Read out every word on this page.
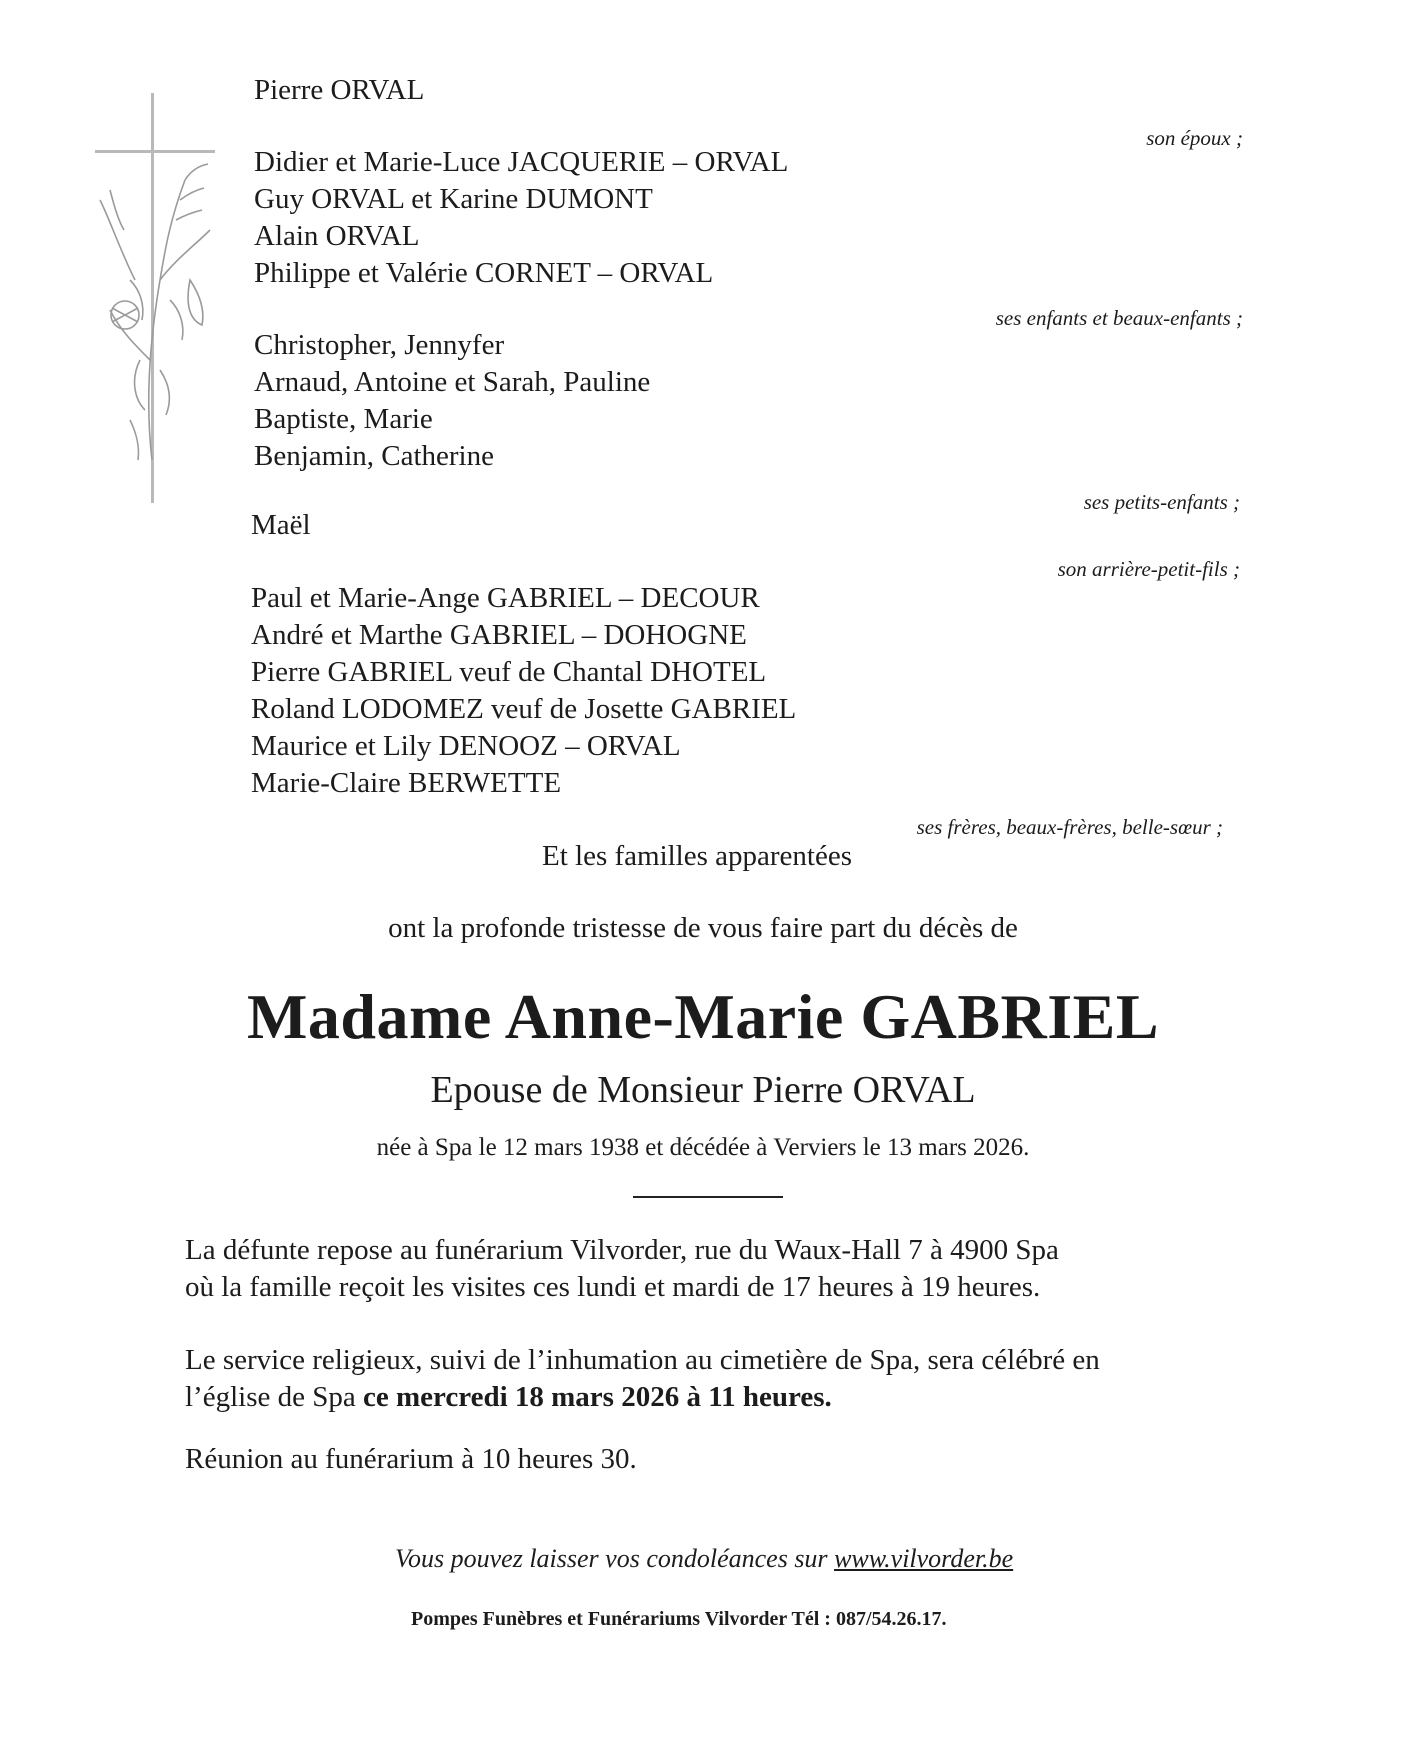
Pierre ORVAL
son époux ;
Didier et Marie-Luce JACQUERIE – ORVAL
Guy ORVAL et Karine DUMONT
Alain ORVAL
Philippe et Valérie CORNET – ORVAL
ses enfants et beaux-enfants ;
Christopher, Jennyfer
Arnaud, Antoine et Sarah, Pauline
Baptiste, Marie
Benjamin, Catherine
ses petits-enfants ;
Maël
son arrière-petit-fils ;
Paul et Marie-Ange GABRIEL – DECOUR
André et Marthe GABRIEL – DOHOGNE
Pierre GABRIEL veuf de Chantal DHOTEL
Roland LODOMEZ veuf de Josette GABRIEL
Maurice et Lily DENOOZ – ORVAL
Marie-Claire BERWETTE
ses frères, beaux-frères, belle-sœur ;
Et les familles apparentées
ont la profonde tristesse de vous faire part du décès de
Madame Anne-Marie GABRIEL
Epouse de Monsieur Pierre ORVAL
née à Spa le 12 mars 1938 et décédée à Verviers le 13 mars 2026.
La défunte repose au funérarium Vilvorder, rue du Waux-Hall 7 à 4900 Spa
où la famille reçoit les visites ces lundi et mardi de 17 heures à 19 heures.
Le service religieux, suivi de l’inhumation au cimetière de Spa, sera célébré en
l’église de Spa ce mercredi 18 mars 2026 à 11 heures.
Réunion au funérarium à 10 heures 30.
Vous pouvez laisser vos condoléances sur www.vilvorder.be
Pompes Funèbres et Funérariums Vilvorder Tél : 087/54.26.17.
